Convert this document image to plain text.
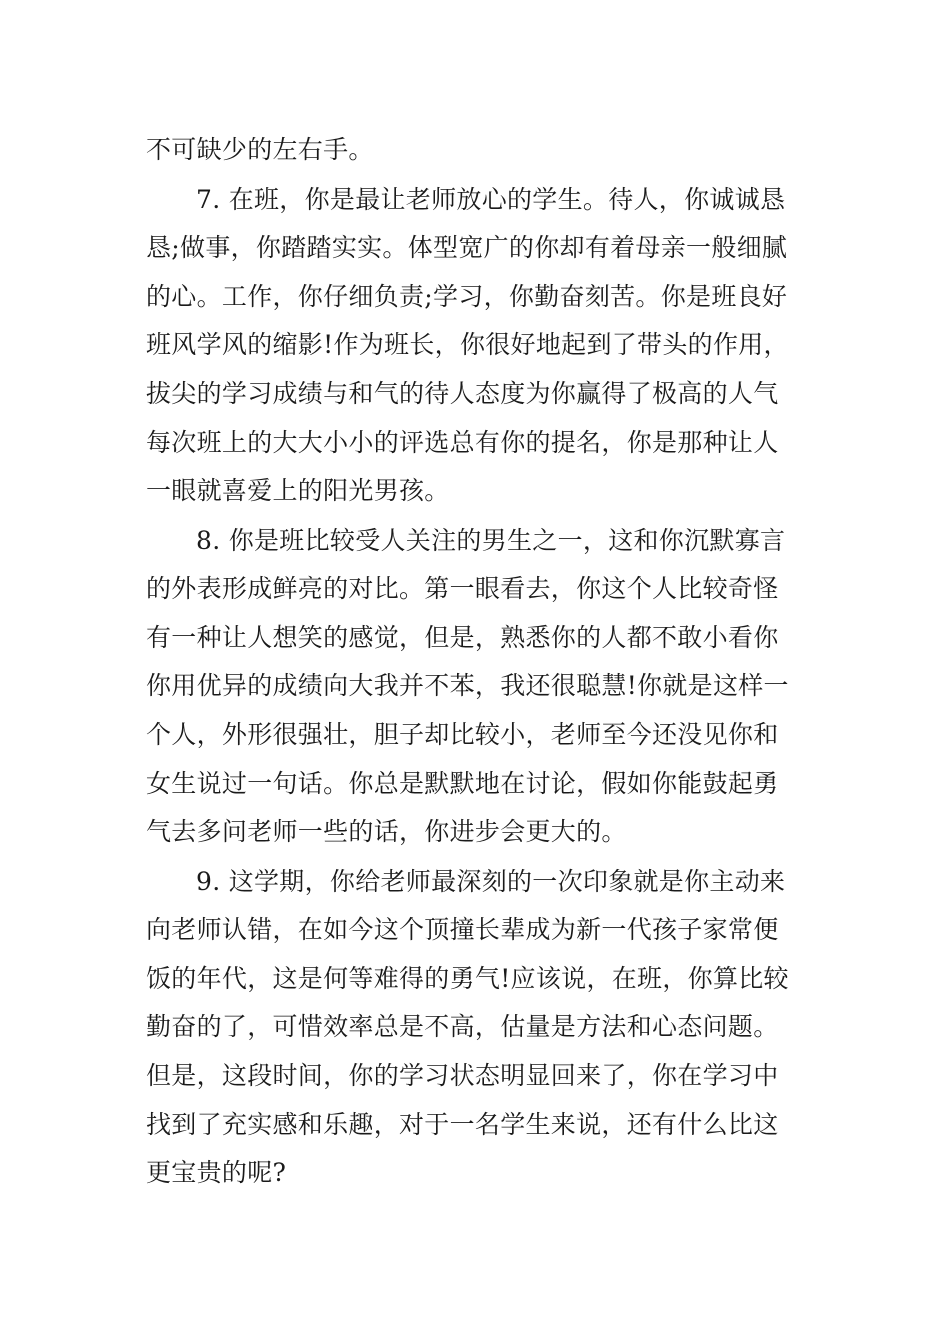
不可缺少的左右手。
7. 在班，你是最让老师放心的学生。待人，你诚诚恳
恳;做事，你踏踏实实。体型宽广的你却有着母亲一般细腻
的心。工作，你仔细负责;学习，你勤奋刻苦。你是班良好
班风学风的缩影!作为班长，你很好地起到了带头的作用，
拔尖的学习成绩与和气的待人态度为你赢得了极高的人气
每次班上的大大小小的评选总有你的提名，你是那种让人
一眼就喜爱上的阳光男孩。
8. 你是班比较受人关注的男生之一，这和你沉默寡言
的外表形成鲜亮的对比。第一眼看去，你这个人比较奇怪
有一种让人想笑的感觉，但是，熟悉你的人都不敢小看你
你用优异的成绩向大我并不苯，我还很聪慧!你就是这样一
个人，外形很强壮，胆子却比较小，老师至今还没见你和
女生说过一句话。你总是默默地在讨论，假如你能鼓起勇
气去多问老师一些的话，你进步会更大的。
9. 这学期，你给老师最深刻的一次印象就是你主动来
向老师认错，在如今这个顶撞长辈成为新一代孩子家常便
饭的年代，这是何等难得的勇气!应该说，在班，你算比较
勤奋的了，可惜效率总是不高，估量是方法和心态问题。
但是，这段时间，你的学习状态明显回来了，你在学习中
找到了充实感和乐趣，对于一名学生来说，还有什么比这
更宝贵的呢?
